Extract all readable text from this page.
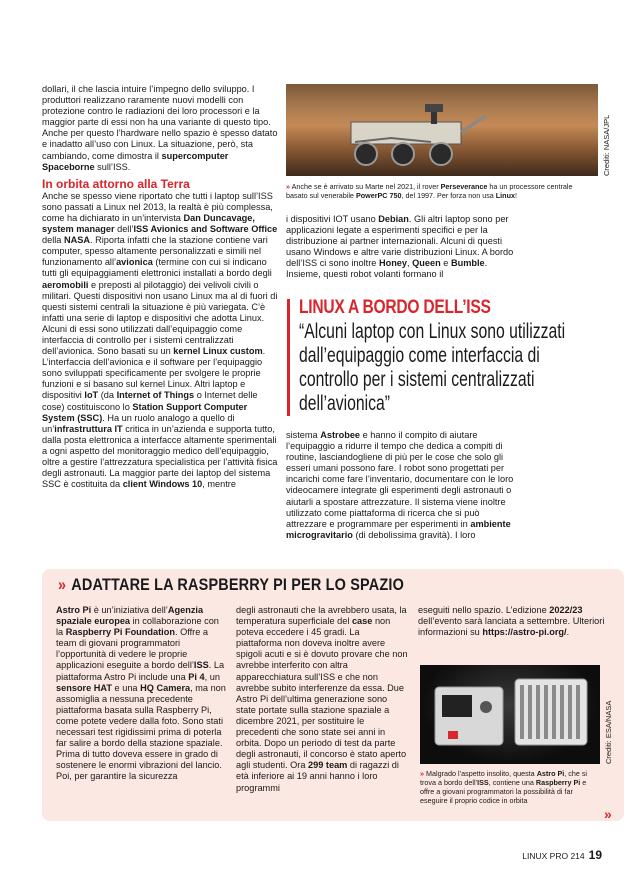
dollari, il che lascia intuire l’impegno dello sviluppo. I produttori realizzano raramente nuovi modelli con protezione contro le radiazioni dei loro processori e la maggior parte di essi non ha una variante di questo tipo. Anche per questo l’hardware nello spazio è spesso datato e inadatto all’uso con Linux. La situazione, però, sta cambiando, come dimostra il supercomputer Spaceborne sull’ISS.

In orbita attorno alla Terra

Anche se spesso viene riportato che tutti i laptop sull’ISS sono passati a Linux nel 2013, la realtà è più complessa, come ha dichiarato in un’intervista Dan Duncavage, system manager dell’ISS Avionics and Software Office della NASA. Riporta infatti che la stazione contiene vari computer, spesso altamente personalizzati e simili nel funzionamento all’avionica (termine con cui si indicano tutti gli equipaggiamenti elettronici installati a bordo degli aeromobili e preposti al pilotaggio) dei velivoli civili o militari. Questi dispositivi non usano Linux ma al di fuori di questi sistemi centrali la situazione è più variegata. C’è infatti una serie di laptop e dispositivi che adotta Linux. Alcuni di essi sono utilizzati dall’equipaggio come interfaccia di controllo per i sistemi centralizzati dell’avionica. Sono basati su un kernel Linux custom. L’interfaccia dell’avionica e il software per l’equipaggio sono sviluppati specificamente per svolgere le proprie funzioni e si basano sul kernel Linux. Altri laptop e dispositivi IoT (da Internet of Things o Internet delle cose) costituiscono lo Station Support Computer System (SSC). Ha un ruolo analogo a quello di un’infrastruttura IT critica in un’azienda e supporta tutto, dalla posta elettronica a interfacce altamente sperimentali a ogni aspetto del monitoraggio medico dell’equipaggio, oltre a gestire l’attrezzatura specialistica per l’attività fisica degli astronauti. La maggior parte dei laptop del sistema SSC è costituita da client Windows 10, mentre

Crediti: NASA/JPL
» Anche se è arrivato su Marte nel 2021, il rover Perseverance ha un processore centrale basato sul venerabile PowerPC 750, del 1997. Per forza non usa Linux!

i dispositivi IOT usano Debian. Gli altri laptop sono per applicazioni legate a esperimenti specifici e per la distribuzione ai partner internazionali. Alcuni di questi usano Windows e altre varie distribuzioni Linux. A bordo dell’ISS ci sono inoltre Honey, Queen e Bumble. Insieme, questi robot volanti formano il

LINUX A BORDO DELL’ISS
“Alcuni laptop con Linux sono utilizzati dall’equipaggio come interfaccia di controllo per i sistemi centralizzati dell’avionica”

sistema Astrobee e hanno il compito di aiutare l’equipaggio a ridurre il tempo che dedica a compiti di routine, lasciandogliene di più per le cose che solo gli esseri umani possono fare. I robot sono progettati per incarichi come fare l’inventario, documentare con le loro videocamere integrate gli esperimenti degli astronauti o aiutarli a spostare attrezzature. Il sistema viene inoltre utilizzato come piattaforma di ricerca che si può attrezzare e programmare per esperimenti in ambiente microgravitario (di debolissima gravità). I loro

» ADATTARE LA RASPBERRY PI PER LO SPAZIO

Astro Pi è un’iniziativa dell’Agenzia spaziale europea in collaborazione con la Raspberry Pi Foundation. Offre a team di giovani programmatori l’opportunità di vedere le proprie applicazioni eseguite a bordo dell’ISS. La piattaforma Astro Pi include una Pi 4, un sensore HAT e una HQ Camera, ma non assomiglia a nessuna precedente piattaforma basata sulla Raspberry Pi, come potete vedere dalla foto. Sono stati necessari test rigidissimi prima di poterla far salire a bordo della stazione spaziale. Prima di tutto doveva essere in grado di sostenere le enormi vibrazioni del lancio. Poi, per garantire la sicurezza

degli astronauti che la avrebbero usata, la temperatura superficiale del case non poteva eccedere i 45 gradi. La piattaforma non doveva inoltre avere spigoli acuti e si è dovuto provare che non avrebbe interferito con altra apparecchiatura sull’ISS e che non avrebbe subito interferenze da essa. Due Astro Pi dell’ultima generazione sono state portate sulla stazione spaziale a dicembre 2021, per sostituire le precedenti che sono state sei anni in orbita. Dopo un periodo di test da parte degli astronauti, il concorso è stato aperto agli studenti. Ora 299 team di ragazzi di età inferiore ai 19 anni hanno i loro programmi

eseguiti nello spazio. L’edizione 2022/23 dell’evento sarà lanciata a settembre. Ulteriori informazioni su https://astro-pi.org/.

Crediti: ESA/NASA
» Malgrado l’aspetto insolito, questa Astro Pi, che si trova a bordo dell’ISS, contiene una Raspberry Pi e offre a giovani programmatori la possibilità di far eseguire il proprio codice in orbita
»
LINUX PRO 214 19
